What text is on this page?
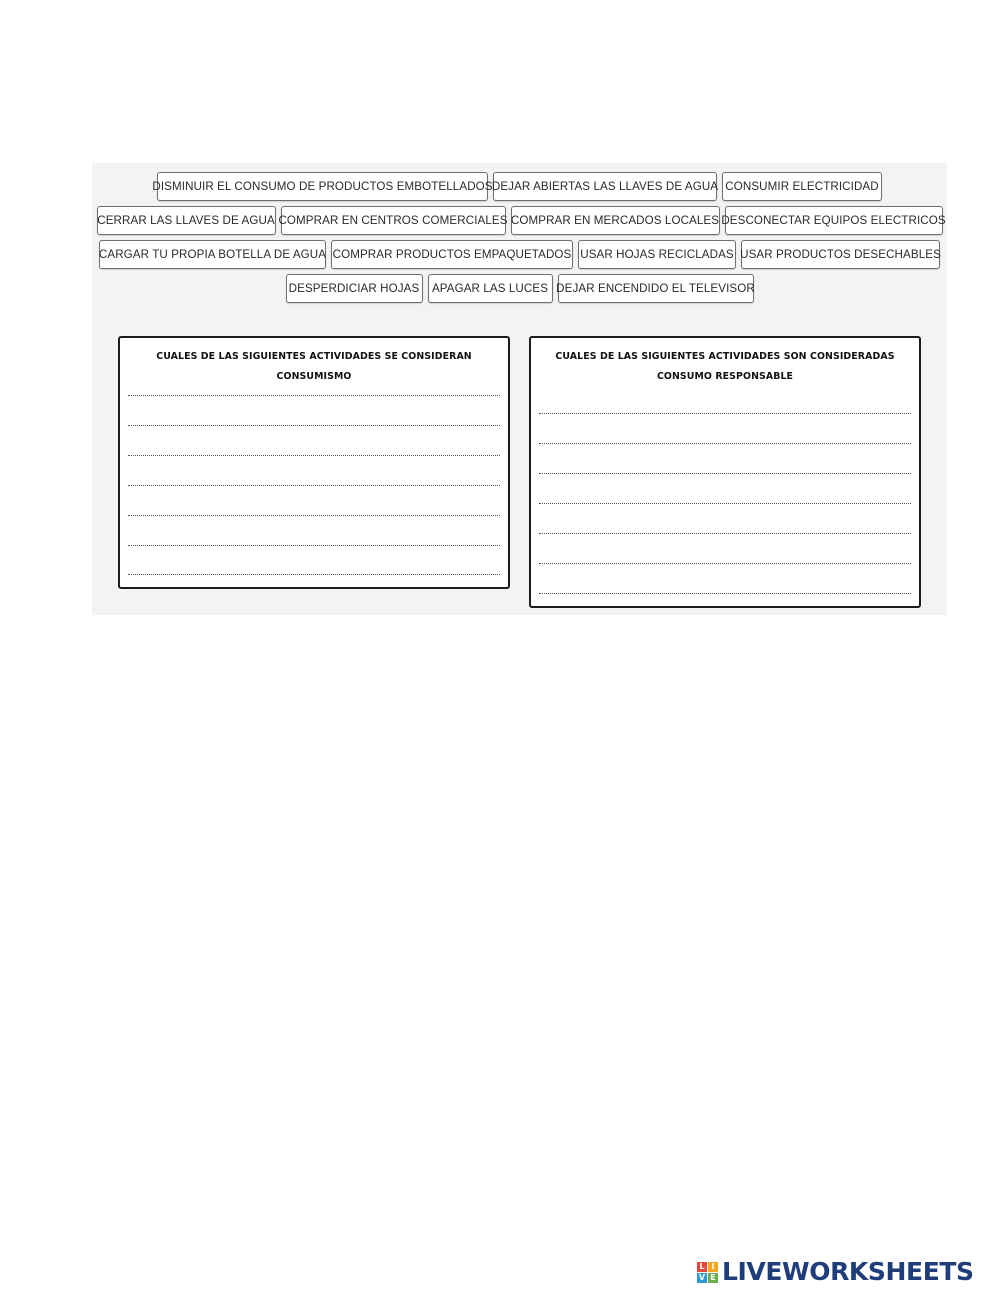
DISMINUIR EL CONSUMO DE PRODUCTOS EMBOTELLADOS DEJAR ABIERTAS LAS LLAVES DE AGUA CONSUMIR ELECTRICIDAD
CERRAR LAS LLAVES DE AGUA COMPRAR EN CENTROS COMERCIALES COMPRAR EN MERCADOS LOCALES DESCONECTAR EQUIPOS ELECTRICOS
CARGAR TU PROPIA BOTELLA DE AGUA COMPRAR PRODUCTOS EMPAQUETADOS USAR HOJAS RECICLADAS USAR PRODUCTOS DESECHABLES
DESPERDICIAR HOJAS	APAGAR LAS LUCES DEJAR ENCENDIDO EL TELEVISOR
CUALES DE LAS SIGUIENTES ACTIVIDADES SE CONSIDERAN CONSUMISMO
CUALES DE LAS SIGUIENTES ACTIVIDADES SON CONSIDERADAS
CONSUMO RESPONSABLE
L I
V E LIVEWORKSHEETS
